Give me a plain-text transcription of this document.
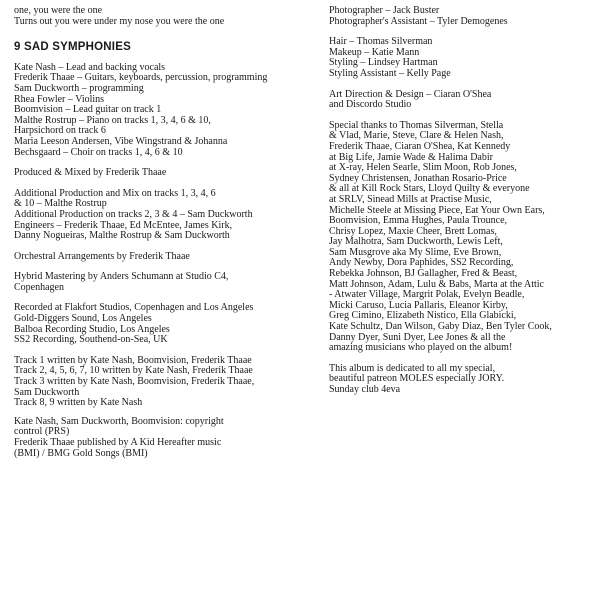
one, you were the one
Turns out you were under my nose you were the one
9 SAD SYMPHONIES
Kate Nash – Lead and backing vocals
Frederik Thaae – Guitars, keyboards, percussion, programming
Sam Duckworth – programming
Rhea Fowler – Violins
Boomvision – Lead guitar on track 1
Malthe Rostrup – Piano on tracks 1, 3, 4, 6 & 10,
Harpsichord on track 6
Maria Leeson Andersen, Vibe Wingstrand & Johanna
Bechsgaard – Choir on tracks 1, 4, 6 & 10
Produced & Mixed by Frederik Thaae
Additional Production and Mix on tracks 1, 3, 4, 6
& 10 – Malthe Rostrup
Additional Production on tracks 2, 3 & 4 – Sam Duckworth
Engineers – Frederik Thaae, Ed McEntee, James Kirk,
Danny Nogueiras, Malthe Rostrup & Sam Duckworth
Orchestral Arrangements by Frederik Thaae
Hybrid Mastering by Anders Schumann at Studio C4,
Copenhagen
Recorded at Flakfort Studios, Copenhagen and Los Angeles
Gold-Diggers Sound, Los Angeles
Balboa Recording Studio, Los Angeles
SS2 Recording, Southend-on-Sea, UK
Track 1 written by Kate Nash, Boomvision, Frederik Thaae
Track 2, 4, 5, 6, 7, 10 written by Kate Nash, Frederik Thaae
Track 3 written by Kate Nash, Boomvision, Frederik Thaae,
Sam Duckworth
Track 8, 9 written by Kate Nash
Kate Nash, Sam Duckworth, Boomvision: copyright
control (PRS)
Frederik Thaae published by A Kid Hereafter music
(BMI) / BMG Gold Songs (BMI)
Photographer – Jack Buster
Photographer's Assistant – Tyler Demogenes
Hair – Thomas Silverman
Makeup – Katie Mann
Styling – Lindsey Hartman
Styling Assistant – Kelly Page
Art Direction & Design – Ciaran O'Shea
and Discordo Studio
Special thanks to Thomas Silverman, Stella
& Vlad, Marie, Steve, Clare & Helen Nash,
Frederik Thaae, Ciaran O'Shea, Kat Kennedy
at Big Life, Jamie Wade & Halima Dabir
at X-ray, Helen Searle, Slim Moon, Rob Jones,
Sydney Christensen, Jonathan Rosario-Price
& all at Kill Rock Stars, Lloyd Quilty & everyone
at SRLV, Sinead Mills at Practise Music,
Michelle Steele at Missing Piece, Eat Your Own Ears,
Boomvision, Emma Hughes, Paula Trounce,
Chrisy Lopez, Maxie Cheer, Brett Lomas,
Jay Malhotra, Sam Duckworth, Lewis Left,
Sam Musgrove aka My Slime, Eve Brown,
Andy Newby, Dora Paphides, SS2 Recording,
Rebekka Johnson, BJ Gallagher, Fred & Beast,
Matt Johnson, Adam, Lulu & Babs, Marta at the Attic
- Atwater Village, Margrit Polak, Evelyn Beadle,
Micki Caruso, Lucia Pallaris, Eleanor Kirby,
Greg Cimino, Elizabeth Nistico, Ella Glabicki,
Kate Schultz, Dan Wilson, Gaby Diaz, Ben Tyler Cook,
Danny Dyer, Suni Dyer, Lee Jones & all the
amazing musicians who played on the album!
This album is dedicated to all my special,
beautiful patreon MOLES especially JORY.
Sunday club 4eva
